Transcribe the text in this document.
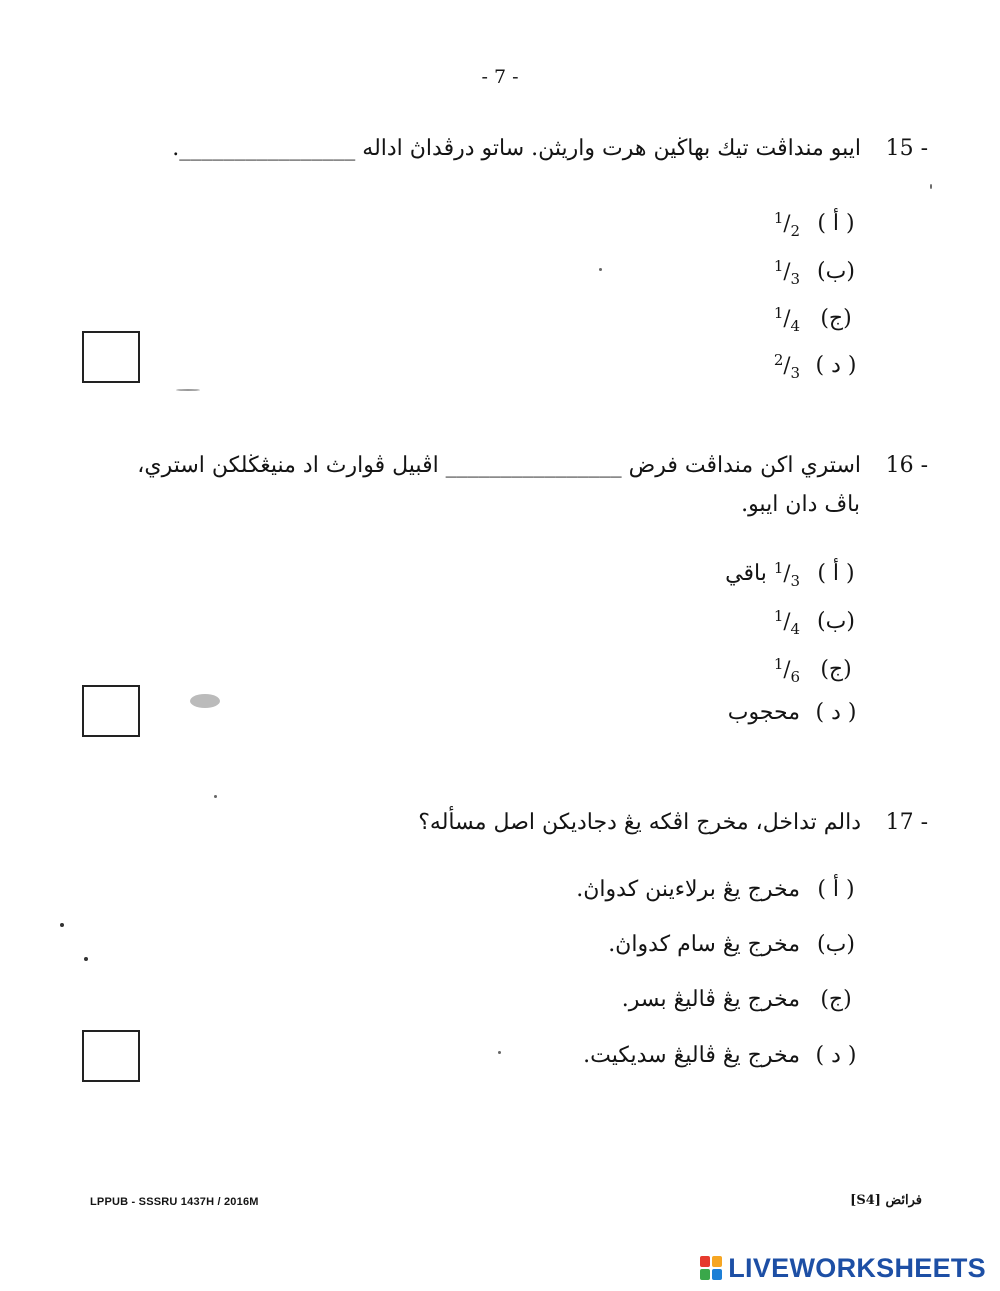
- 7 -
15 - ايبو منداڤت تيك بهاڬين هرت واريثن. ساتو درڤداڽ اداله ________________.
( أ ) $^1/_2$
(ب) $^1/_3$
(ج) $^1/_4$
( د ) $^2/_3$
16 - استري اکن منداڤت فرض ________________ اڤبيل ڤوارث اد منيڠڬلکن استري،
باڤ دان ايبو.
( أ ) $^1/_3$ باقي
(ب) $^1/_4$
(ج) $^1/_6$
( د ) محجوب
17 - دالم تداخل، مخرج اڤکه يڠ دجاديکن اصل مسأله؟
( أ ) مخرج يڠ برلاءينن کدواڽ.
(ب) مخرج يڠ سام کدواڽ.
(ج) مخرج يڠ ڤاليڠ بسر.
( د ) مخرج يڠ ڤاليڠ سديکيت.
LPPUB - SSSRU 1437H / 2016M	فرائض [S4]
LIVEWORKSHEETS
